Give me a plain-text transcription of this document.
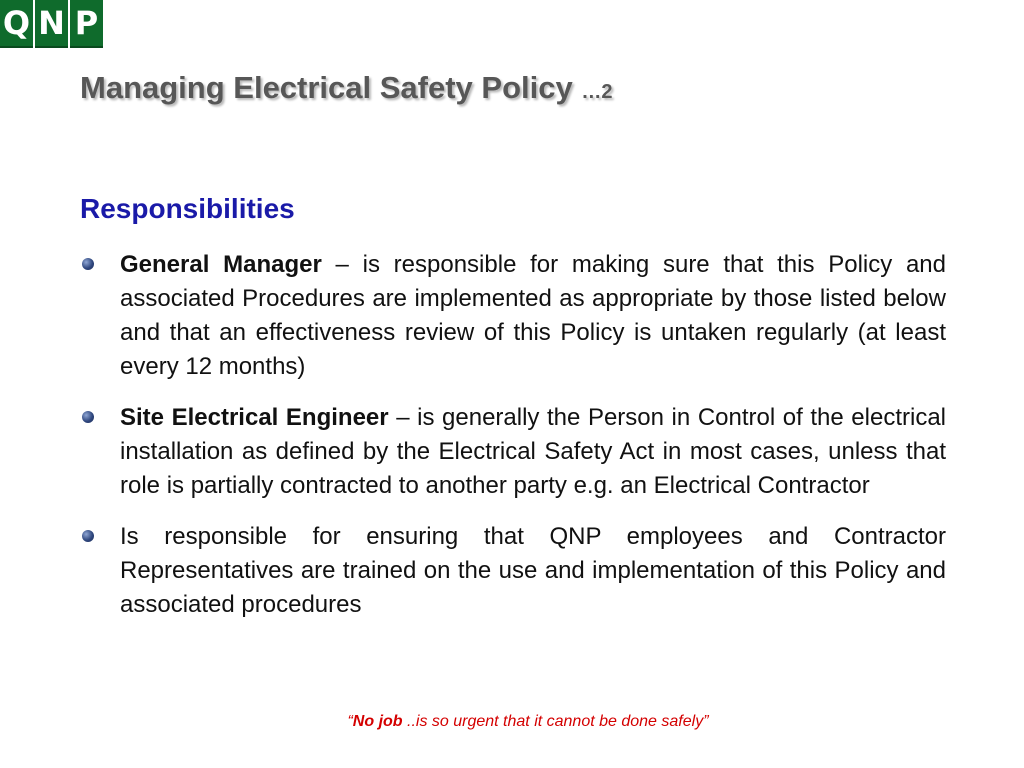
Q N P
Managing Electrical Safety Policy …2
Responsibilities
General Manager – is responsible for making sure that this Policy and associated Procedures are implemented as appropriate by those listed below and that an effectiveness review of this Policy is untaken regularly (at least every 12 months)
Site Electrical Engineer – is generally the Person in Control of the electrical installation as defined by the Electrical Safety Act in most cases, unless that role is partially contracted to another party e.g. an Electrical Contractor
Is responsible for ensuring that QNP employees and Contractor Representatives are trained on the use and implementation of this Policy and associated procedures
“No job ..is so urgent that it cannot be done safely”
